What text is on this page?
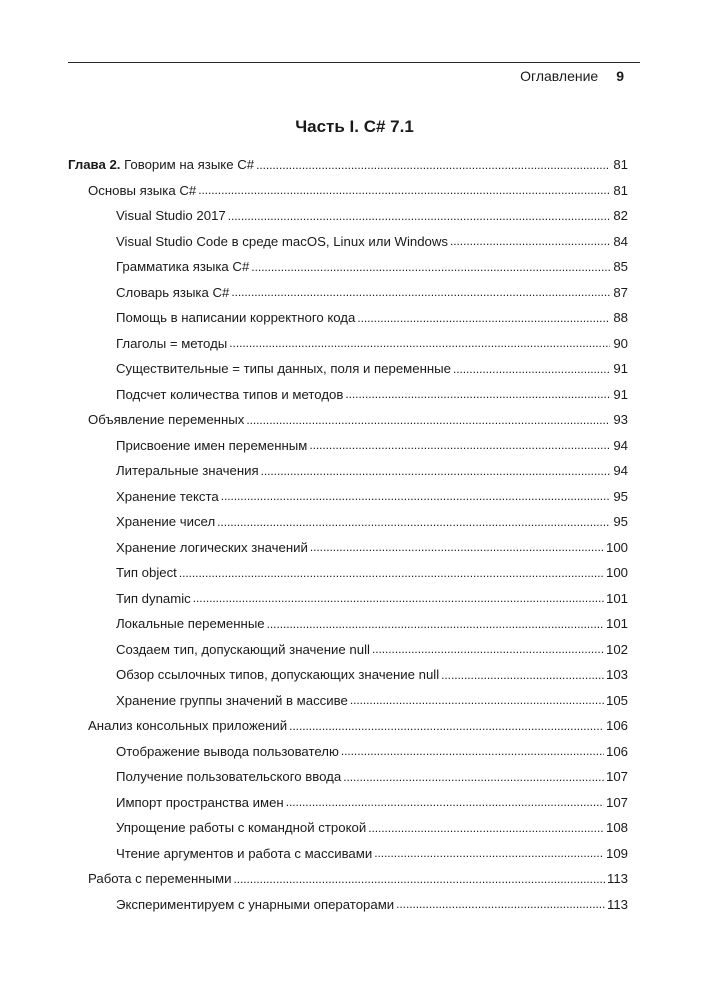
Оглавление 9
Часть I. C# 7.1
Глава 2. Говорим на языке C# . . .	81
Основы языка C# . . .	81
Visual Studio 2017 . . .	82
Visual Studio Code в среде macOS, Linux или Windows . . .	84
Грамматика языка C# . . .	85
Словарь языка C# . . .	87
Помощь в написании корректного кода . . .	88
Глаголы = методы . . .	90
Существительные = типы данных, поля и переменные . . .	91
Подсчет количества типов и методов . . .	91
Объявление переменных . . .	93
Присвоение имен переменным . . .	94
Литеральные значения . . .	94
Хранение текста . . .	95
Хранение чисел . . .	95
Хранение логических значений . . .	100
Тип object . . .	100
Тип dynamic . . .	101
Локальные переменные . . .	101
Создаем тип, допускающий значение null . . .	102
Обзор ссылочных типов, допускающих значение null . . .	103
Хранение группы значений в массиве . . .	105
Анализ консольных приложений . . .	106
Отображение вывода пользователю . . .	106
Получение пользовательского ввода . . .	107
Импорт пространства имен . . .	107
Упрощение работы с командной строкой . . .	108
Чтение аргументов и работа с массивами . . .	109
Работа с переменными . . .	113
Экспериментируем с унарными операторами . . .	113
